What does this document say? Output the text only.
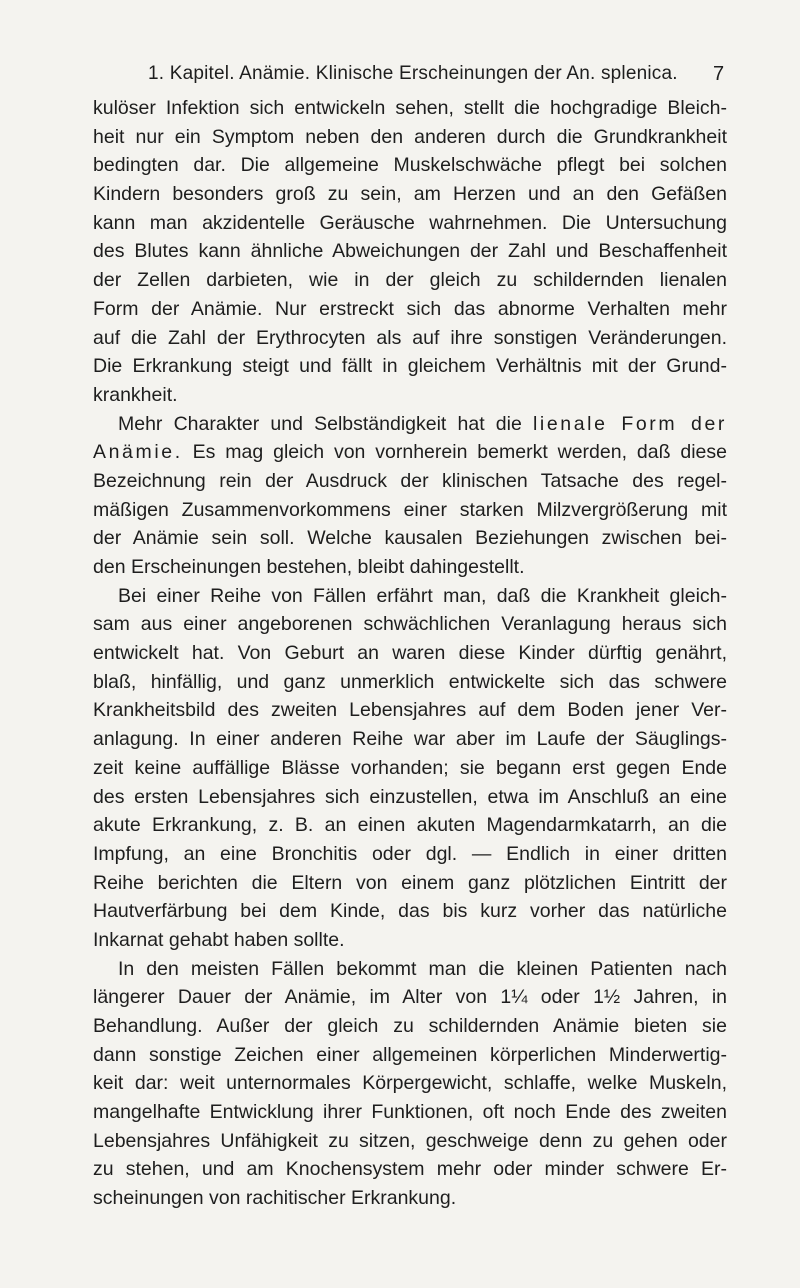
1. Kapitel. Anämie. Klinische Erscheinungen der An. splenica. 7
kulöser Infektion sich entwickeln sehen, stellt die hochgradige Bleich-
heit nur ein Symptom neben den anderen durch die Grundkrankheit
bedingten dar. Die allgemeine Muskelschwäche pflegt bei solchen
Kindern besonders groß zu sein, am Herzen und an den Gefäßen
kann man akzidentelle Geräusche wahrnehmen. Die Untersuchung
des Blutes kann ähnliche Abweichungen der Zahl und Beschaffenheit
der Zellen darbieten, wie in der gleich zu schildernden lienalen
Form der Anämie. Nur erstreckt sich das abnorme Verhalten mehr
auf die Zahl der Erythrocyten als auf ihre sonstigen Veränderungen.
Die Erkrankung steigt und fällt in gleichem Verhältnis mit der Grund-
krankheit.
Mehr Charakter und Selbständigkeit hat die lienale Form der
Anämie. Es mag gleich von vornherein bemerkt werden, daß diese
Bezeichnung rein der Ausdruck der klinischen Tatsache des regel-
mäßigen Zusammenvorkommens einer starken Milzvergrößerung mit
der Anämie sein soll. Welche kausalen Beziehungen zwischen bei-
den Erscheinungen bestehen, bleibt dahingestellt.
Bei einer Reihe von Fällen erfährt man, daß die Krankheit gleich-
sam aus einer angeborenen schwächlichen Veranlagung heraus sich
entwickelt hat. Von Geburt an waren diese Kinder dürftig genährt,
blaß, hinfällig, und ganz unmerklich entwickelte sich das schwere
Krankheitsbild des zweiten Lebensjahres auf dem Boden jener Ver-
anlagung. In einer anderen Reihe war aber im Laufe der Säuglings-
zeit keine auffällige Blässe vorhanden; sie begann erst gegen Ende
des ersten Lebensjahres sich einzustellen, etwa im Anschluß an eine
akute Erkrankung, z. B. an einen akuten Magendarmkatarrh, an die
Impfung, an eine Bronchitis oder dgl. — Endlich in einer dritten
Reihe berichten die Eltern von einem ganz plötzlichen Eintritt der
Hautverfärbung bei dem Kinde, das bis kurz vorher das natürliche
Inkarnat gehabt haben sollte.
In den meisten Fällen bekommt man die kleinen Patienten nach
längerer Dauer der Anämie, im Alter von 1¼ oder 1½ Jahren, in
Behandlung. Außer der gleich zu schildernden Anämie bieten sie
dann sonstige Zeichen einer allgemeinen körperlichen Minderwertig-
keit dar: weit unternormales Körpergewicht, schlaffe, welke Muskeln,
mangelhafte Entwicklung ihrer Funktionen, oft noch Ende des zweiten
Lebensjahres Unfähigkeit zu sitzen, geschweige denn zu gehen oder
zu stehen, und am Knochensystem mehr oder minder schwere Er-
scheinungen von rachitischer Erkrankung.
